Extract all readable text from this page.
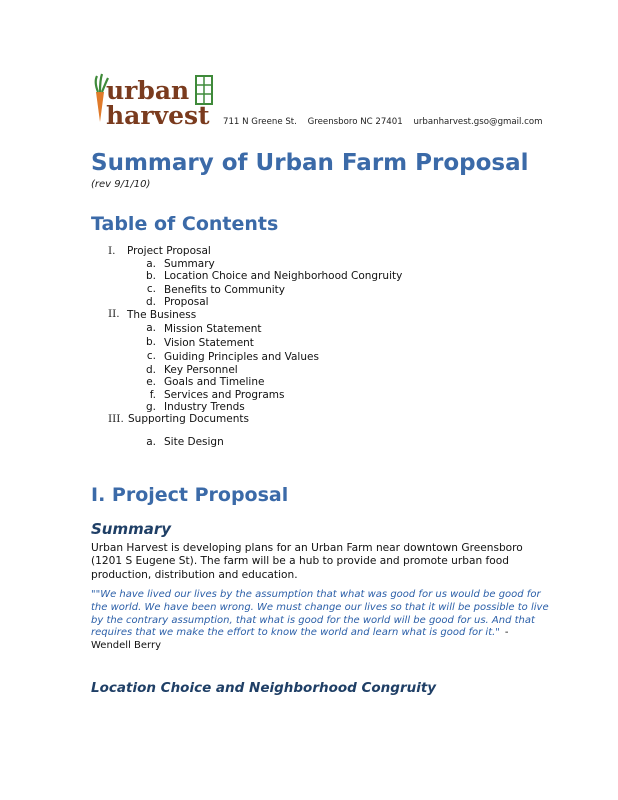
urban
harvest 711 N Greene St. Greensboro NC 27401 urbanharvest.gso@gmail.com
Summary of Urban Farm Proposal
(rev 9/1/10)
Table of Contents
I. Project Proposal
a. Summary
b. Location Choice and Neighborhood Congruity
c. Benefits to Community
d. Proposal
II. The Business
a. Mission Statement
b. Vision Statement
c. Guiding Principles and Values
d. Key Personnel
e. Goals and Timeline
f. Services and Programs
g. Industry Trends
III. Supporting Documents
a. Site Design
I. Project Proposal
Summary

Urban Harvest is developing plans for an Urban Farm near downtown Greensboro (1201 S Eugene St). The farm will be a hub to provide and promote urban food production, distribution and education.

""We have lived our lives by the assumption that what was good for us would be good for the world. We have been wrong. We must change our lives so that it will be possible to live by the contrary assumption, that what is good for the world will be good for us. And that requires that we make the effort to know the world and learn what is good for it." - Wendell Berry

Location Choice and Neighborhood Congruity
